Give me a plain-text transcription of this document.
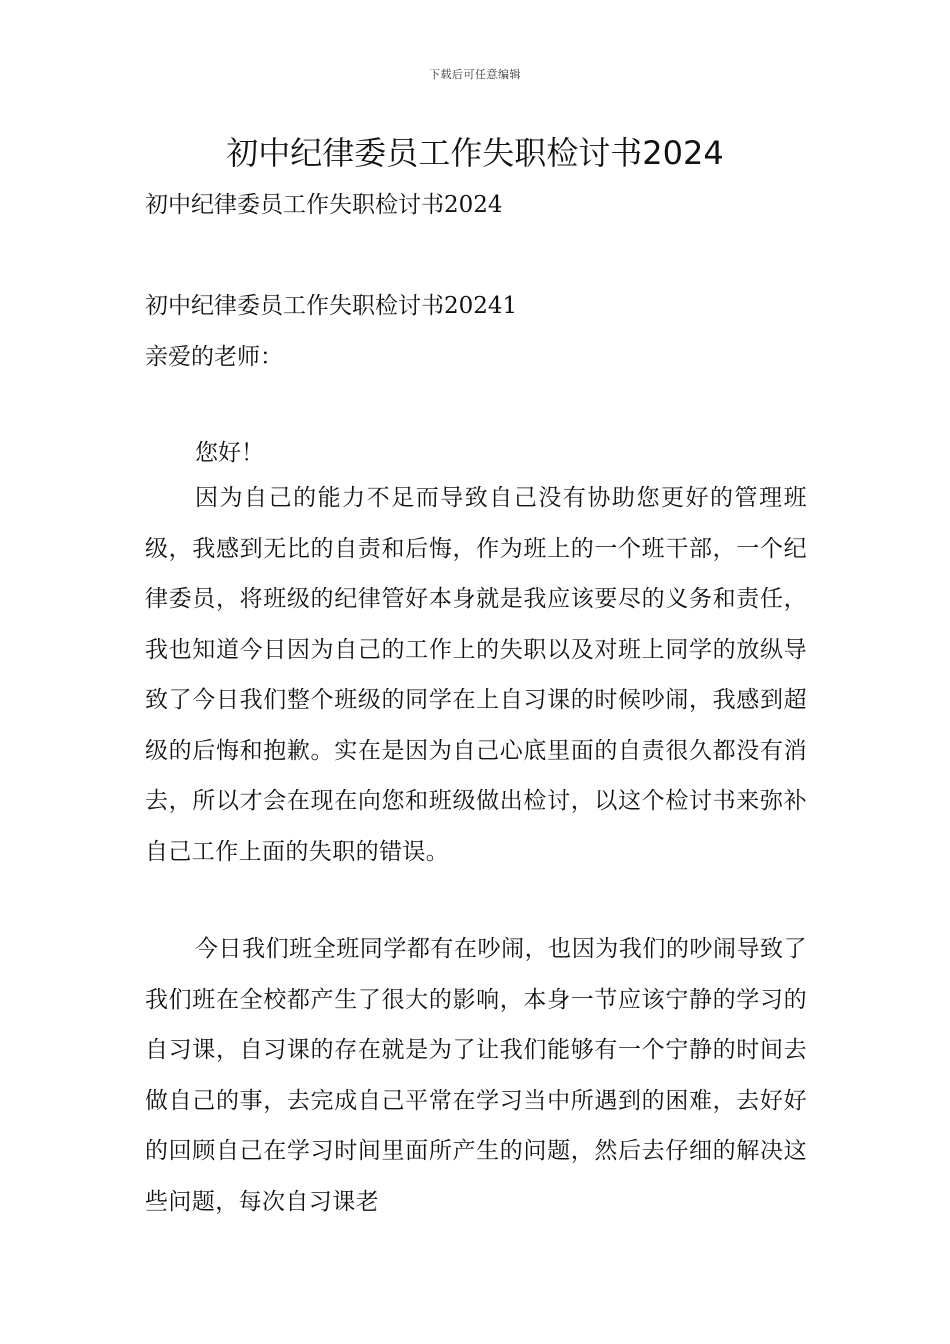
下载后可任意编辑
初中纪律委员工作失职检讨书2024
初中纪律委员工作失职检讨书2024
初中纪律委员工作失职检讨书20241
亲爱的老师：
您好！

因为自己的能力不足而导致自己没有协助您更好的管理班级，我感到无比的自责和后悔，作为班上的一个班干部，一个纪律委员，将班级的纪律管好本身就是我应该要尽的义务和责任，我也知道今日因为自己的工作上的失职以及对班上同学的放纵导致了今日我们整个班级的同学在上自习课的时候吵闹，我感到超级的后悔和抱歉。实在是因为自己心底里面的自责很久都没有消去，所以才会在现在向您和班级做出检讨，以这个检讨书来弥补自己工作上面的失职的错误。

今日我们班全班同学都有在吵闹，也因为我们的吵闹导致了我们班在全校都产生了很大的影响，本身一节应该宁静的学习的自习课，自习课的存在就是为了让我们能够有一个宁静的时间去做自己的事，去完成自己平常在学习当中所遇到的困难，去好好的回顾自己在学习时间里面所产生的问题，然后去仔细的解决这些问题，每次自习课老
